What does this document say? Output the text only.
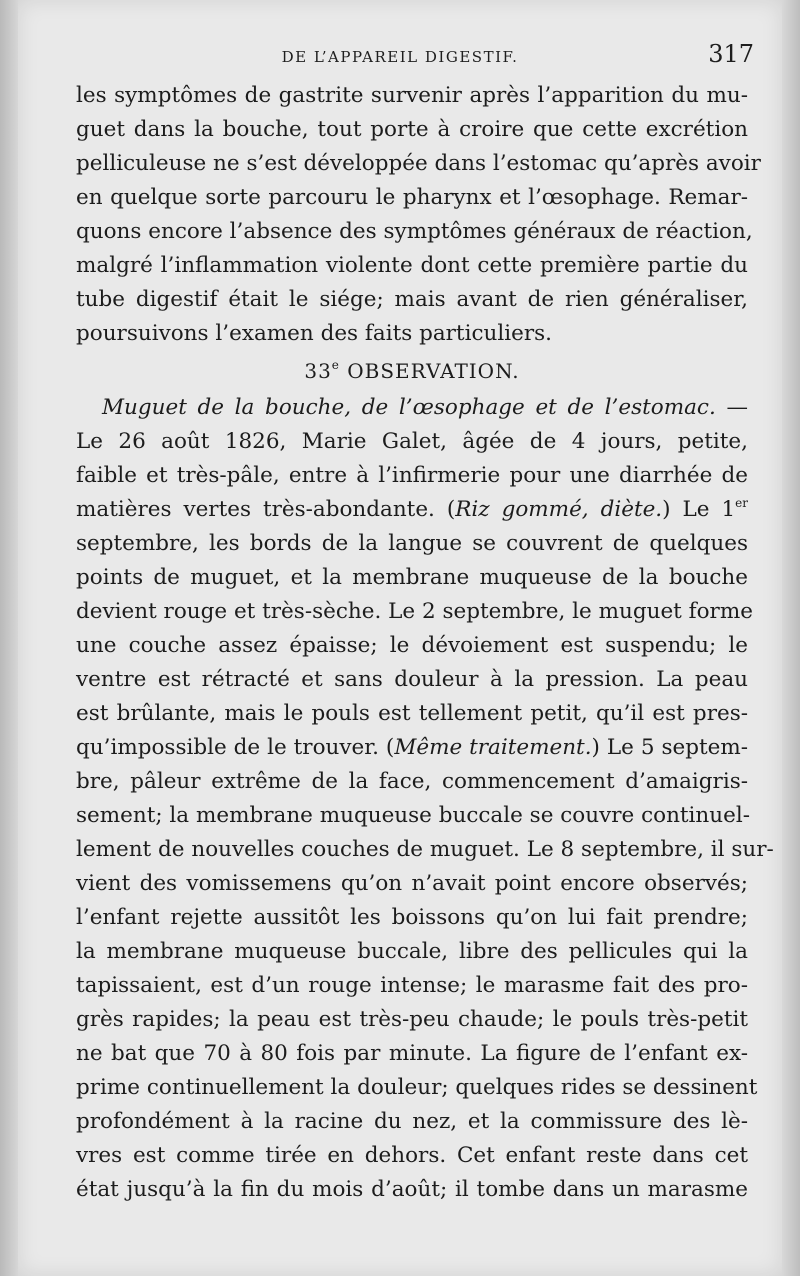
DE L’APPAREIL DIGESTIF.	317
les symptômes de gastrite survenir après l’apparition du mu-
guet dans la bouche, tout porte à croire que cette excrétion
pelliculeuse ne s’est développée dans l’estomac qu’après avoir
en quelque sorte parcouru le pharynx et l’œsophage. Remar-
quons encore l’absence des symptômes généraux de réaction,
malgré l’inflammation violente dont cette première partie du
tube digestif était le siége; mais avant de rien généraliser,
poursuivons l’examen des faits particuliers.
33e OBSERVATION.
Muguet de la bouche, de l’œsophage et de l’estomac. —
Le 26 août 1826, Marie Galet, âgée de 4 jours, petite,
faible et très-pâle, entre à l’infirmerie pour une diarrhée de
matières vertes très-abondante. (Riz gommé, diète.) Le 1er
septembre, les bords de la langue se couvrent de quelques
points de muguet, et la membrane muqueuse de la bouche
devient rouge et très-sèche. Le 2 septembre, le muguet forme
une couche assez épaisse; le dévoiement est suspendu; le
ventre est rétracté et sans douleur à la pression. La peau
est brûlante, mais le pouls est tellement petit, qu’il est pres-
qu’impossible de le trouver. (Même traitement.) Le 5 septem-
bre, pâleur extrême de la face, commencement d’amaigris-
sement; la membrane muqueuse buccale se couvre continuel-
lement de nouvelles couches de muguet. Le 8 septembre, il sur-
vient des vomissemens qu’on n’avait point encore observés;
l’enfant rejette aussitôt les boissons qu’on lui fait prendre;
la membrane muqueuse buccale, libre des pellicules qui la
tapissaient, est d’un rouge intense; le marasme fait des pro-
grès rapides; la peau est très-peu chaude; le pouls très-petit
ne bat que 70 à 80 fois par minute. La figure de l’enfant ex-
prime continuellement la douleur; quelques rides se dessinent
profondément à la racine du nez, et la commissure des lè-
vres est comme tirée en dehors. Cet enfant reste dans cet
état jusqu’à la fin du mois d’août; il tombe dans un marasme
